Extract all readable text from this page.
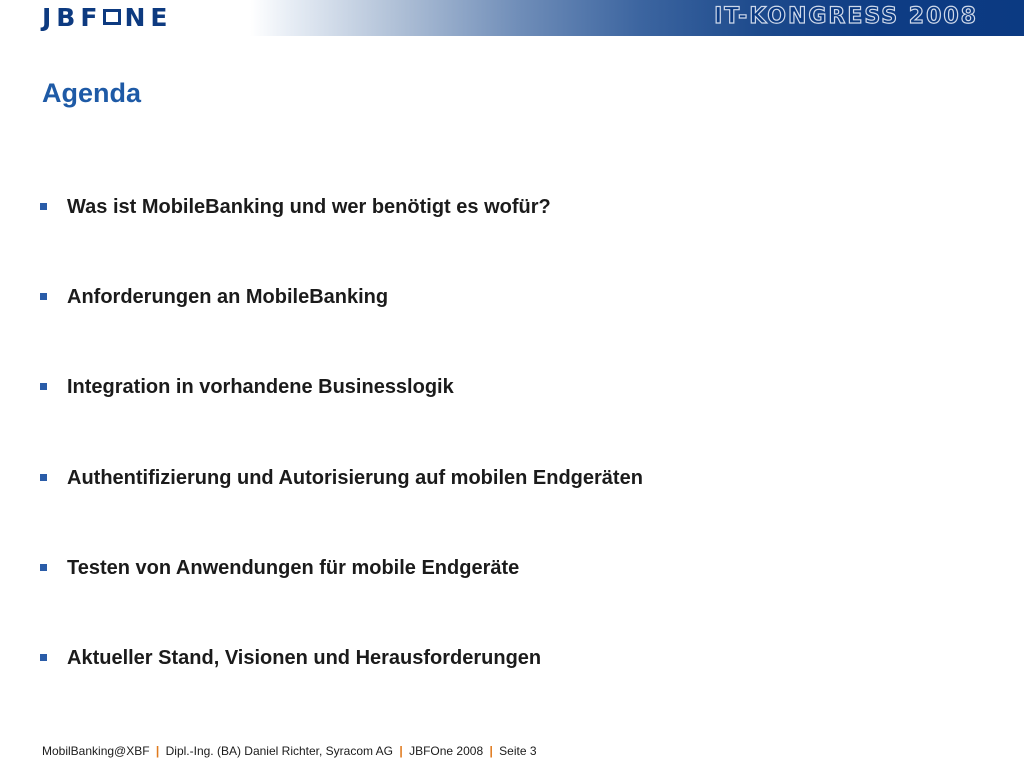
JBF NE	IT-KONGRESS 2008
Agenda
Was ist MobileBanking und wer benötigt es wofür?
Anforderungen an MobileBanking
Integration in vorhandene Businesslogik
Authentifizierung und Autorisierung auf mobilen Endgeräten
Testen von Anwendungen für mobile Endgeräte
Aktueller Stand, Visionen und Herausforderungen
MobilBanking@XBF | Dipl.-Ing. (BA) Daniel Richter, Syracom AG | JBFOne 2008 | Seite 3
